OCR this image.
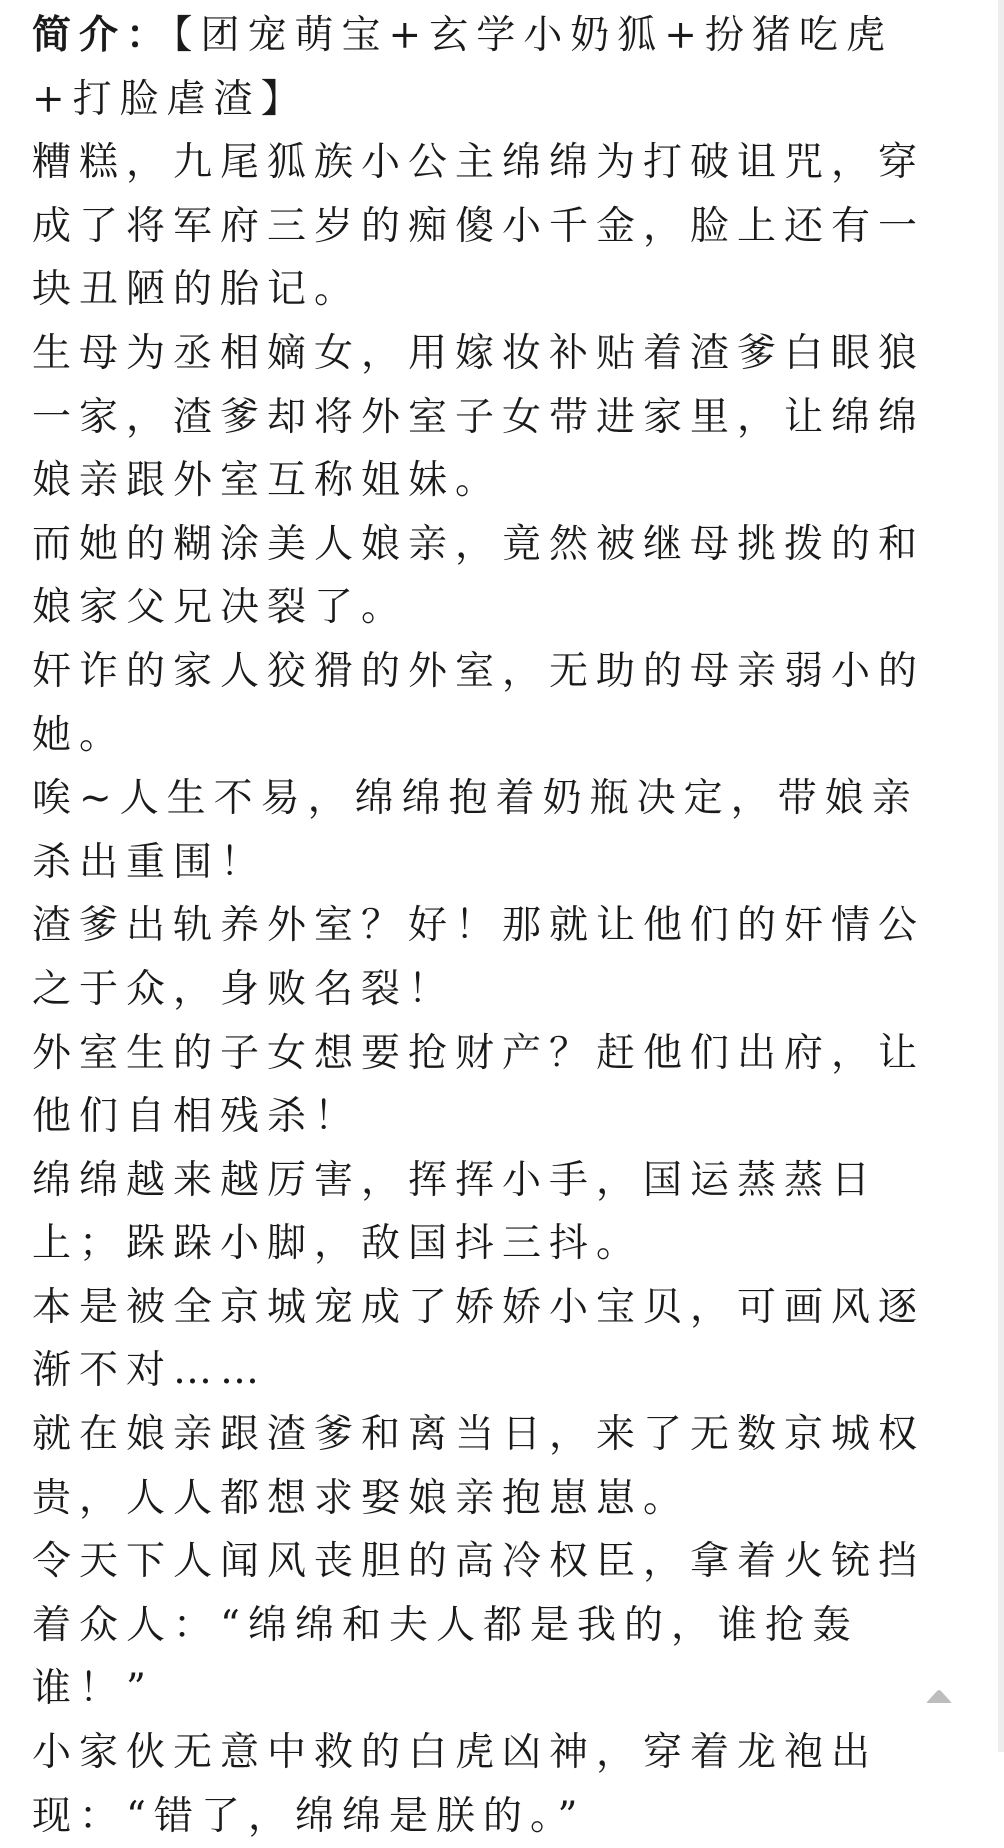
简介：【团宠萌宝+玄学小奶狐+扮猪吃虎+打脸虐渣】

糟糕，九尾狐族小公主绵绵为打破诅咒，穿成了将军府三岁的痴傻小千金，脸上还有一块丑陋的胎记。

生母为丞相嫡女，用嫁妆补贴着渣爹白眼狼一家，渣爹却将外室子女带进家里，让绵绵娘亲跟外室互称姐妹。

而她的糊涂美人娘亲，竟然被继母挑拨的和娘家父兄决裂了。

奸诈的家人狡猾的外室，无助的母亲弱小的她。

唉~人生不易，绵绵抱着奶瓶决定，带娘亲杀出重围！

渣爹出轨养外室？好！那就让他们的奸情公之于众，身败名裂！

外室生的子女想要抢财产？赶他们出府，让他们自相残杀！

绵绵越来越厉害，挥挥小手，国运蒸蒸日上；跺跺小脚，敌国抖三抖。

本是被全京城宠成了娇娇小宝贝，可画风逐渐不对……

就在娘亲跟渣爹和离当日，来了无数京城权贵，人人都想求娶娘亲抱崽崽。

令天下人闻风丧胆的高冷权臣，拿着火铳挡着众人：“绵绵和夫人都是我的，谁抢轰谁！”

小家伙无意中救的白虎凶神，穿着龙袍出现：“错了，绵绵是朕的。”
